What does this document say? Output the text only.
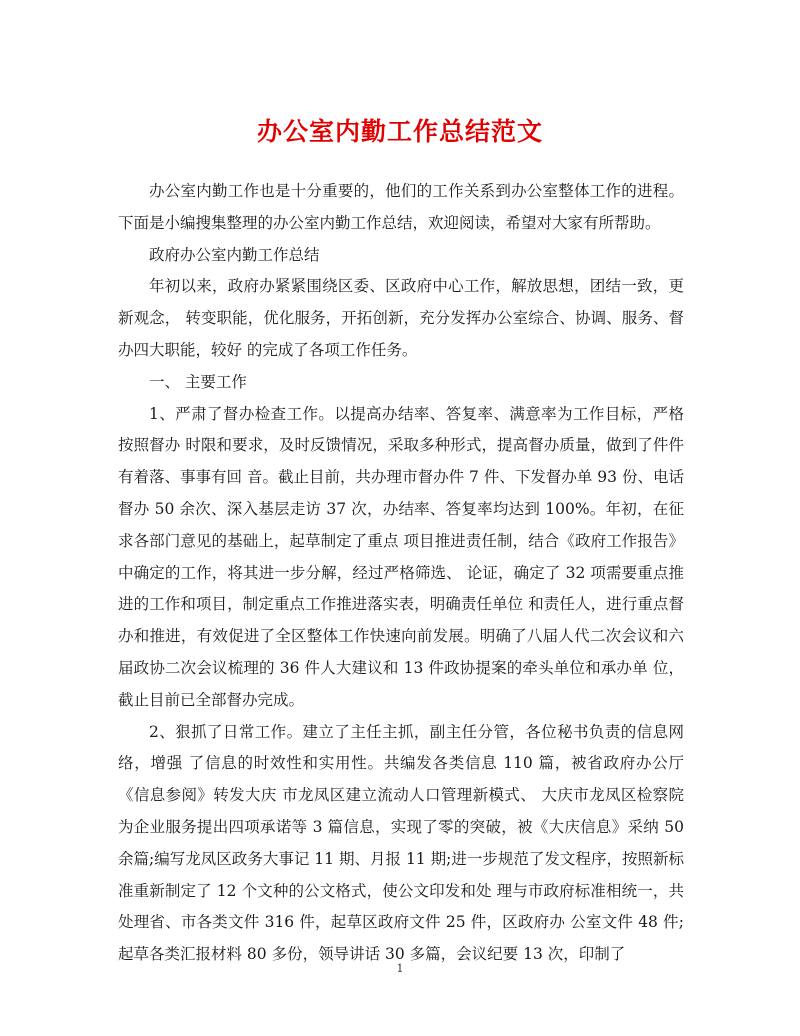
办公室内勤工作总结范文

办公室内勤工作也是十分重要的，他们的工作关系到办公室整体工作的进程。下面是小编搜集整理的办公室内勤工作总结，欢迎阅读，希望对大家有所帮助。

政府办公室内勤工作总结

年初以来，政府办紧紧围绕区委、区政府中心工作，解放思想，团结一致，更新观念， 转变职能，优化服务，开拓创新，充分发挥办公室综合、协调、服务、督办四大职能，较好 的完成了各项工作任务。

一、 主要工作

1、严肃了督办检查工作。以提高办结率、答复率、满意率为工作目标，严格按照督办 时限和要求，及时反馈情况，采取多种形式，提高督办质量，做到了件件有着落、事事有回 音。截止目前，共办理市督办件 7 件、下发督办单 93 份、电话督办 50 余次、深入基层走访 37 次，办结率、答复率均达到 100%。年初，在征求各部门意见的基础上，起草制定了重点 项目推进责任制，结合《政府工作报告》中确定的工作，将其进一步分解，经过严格筛选、 论证，确定了 32 项需要重点推进的工作和项目，制定重点工作推进落实表，明确责任单位 和责任人，进行重点督办和推进，有效促进了全区整体工作快速向前发展。明确了八届人代二次会议和六届政协二次会议梳理的 36 件人大建议和 13 件政协提案的牵头单位和承办单 位，截止目前已全部督办完成。

2、狠抓了日常工作。建立了主任主抓，副主任分管，各位秘书负责的信息网络，增强 了信息的时效性和实用性。共编发各类信息 110 篇，被省政府办公厅《信息参阅》转发大庆 市龙凤区建立流动人口管理新模式、 大庆市龙凤区检察院为企业服务提出四项承诺等 3 篇信息，实现了零的突破，被《大庆信息》采纳 50 余篇;编写龙凤区政务大事记 11 期、月报 11 期;进一步规范了发文程序，按照新标准重新制定了 12 个文种的公文格式，使公文印发和处 理与市政府标准相统一，共处理省、市各类文件 316 件，起草区政府文件 25 件，区政府办 公室文件 48 件;起草各类汇报材料 80 多份，领导讲话 30 多篇，会议纪要 13 次，印制了

1
